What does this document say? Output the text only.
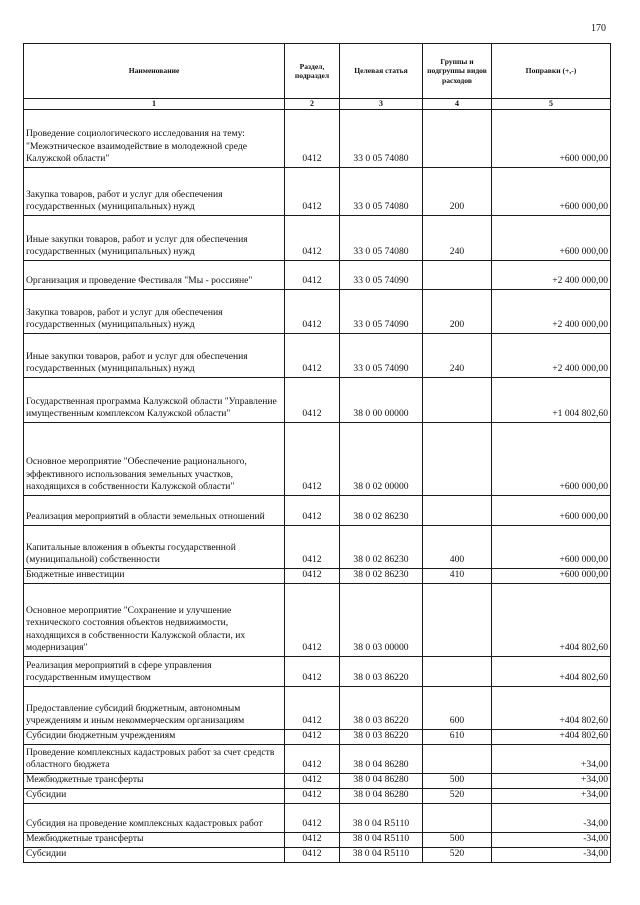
170
Наименование	Раздел, подраздел	Целевая статья	Группы и подгруппы видов расходов	Поправки (+,-)
1	2	3	4	5
Проведение социологического исследования на тему: "Межэтническое взаимодействие в молодежной среде Калужской области"	0412	33 0 05 74080		+600 000,00
Закупка товаров, работ и услуг для обеспечения государственных (муниципальных) нужд	0412	33 0 05 74080	200	+600 000,00
Иные закупки товаров, работ и услуг для обеспечения государственных (муниципальных) нужд	0412	33 0 05 74080	240	+600 000,00
Организация и проведение Фестиваля "Мы - россияне"	0412	33 0 05 74090		+2 400 000,00
Закупка товаров, работ и услуг для обеспечения государственных (муниципальных) нужд	0412	33 0 05 74090	200	+2 400 000,00
Иные закупки товаров, работ и услуг для обеспечения государственных (муниципальных) нужд	0412	33 0 05 74090	240	+2 400 000,00
Государственная программа Калужской области "Управление имущественным комплексом Калужской области"	0412	38 0 00 00000		+1 004 802,60
Основное мероприятие "Обеспечение рационального, эффективного использования земельных участков, находящихся в собственности Калужской области"	0412	38 0 02 00000		+600 000,00
Реализация мероприятий в области земельных отношений	0412	38 0 02 86230		+600 000,00
Капитальные вложения в объекты государственной (муниципальной) собственности	0412	38 0 02 86230	400	+600 000,00
Бюджетные инвестиции	0412	38 0 02 86230	410	+600 000,00
Основное мероприятие "Сохранение и улучшение технического состояния объектов недвижимости, находящихся в собственности Калужской области, их модернизация"	0412	38 0 03 00000		+404 802,60
Реализация мероприятий в сфере управления государственным имуществом	0412	38 0 03 86220		+404 802,60
Предоставление субсидий бюджетным, автономным учреждениям и иным некоммерческим организациям	0412	38 0 03 86220	600	+404 802,60
Субсидии бюджетным учреждениям	0412	38 0 03 86220	610	+404 802,60
Проведение комплексных кадастровых работ за счет средств областного бюджета	0412	38 0 04 86280		+34,00
Межбюджетные трансферты	0412	38 0 04 86280	500	+34,00
Субсидии	0412	38 0 04 86280	520	+34,00
Субсидия на проведение комплексных кадастровых работ	0412	38 0 04 R5110		-34,00
Межбюджетные трансферты	0412	38 0 04 R5110	500	-34,00
Субсидии	0412	38 0 04 R5110	520	-34,00
